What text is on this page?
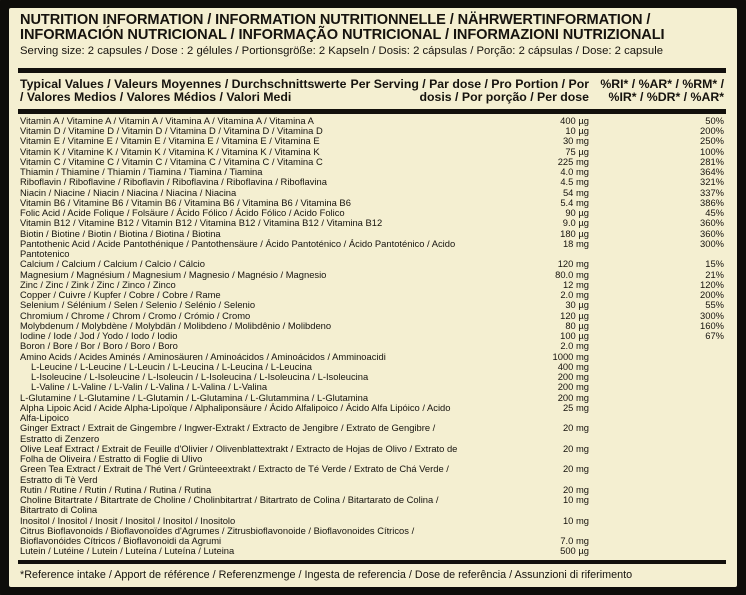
NUTRITION INFORMATION / INFORMATION NUTRITIONNELLE / NÄHRWERTINFORMATION / INFORMACIÓN NUTRICIONAL / INFORMAÇÃO NUTRICIONAL / INFORMAZIONI NUTRIZIONALI
Serving size: 2 capsules / Dose : 2 gélules / Portionsgröße: 2 Kapseln / Dosis: 2 cápsulas / Porção: 2 cápsulas / Dose: 2 capsule
Typical Values / Valeurs Moyennes / Durchschnittswerte / Valores Medios / Valores Médios / Valori Medi
Per Serving / Par dose / Pro Portion / Por dosis / Por porção / Per dose
%RI* / %AR* / %RM* / %IR* / %DR* / %AR*
Vitamin A / Vitamine A / Vitamin A / Vitamina A / Vitamina A / Vitamina A	400 µg	50%
Vitamin D / Vitamine D / Vitamin D / Vitamina D / Vitamina D / Vitamina D	10 µg	200%
Vitamin E / Vitamine E / Vitamin E / Vitamina E / Vitamina E / Vitamina E	30 mg	250%
Vitamin K / Vitamine K / Vitamin K / Vitamina K / Vitamina K / Vitamina K	75 µg	100%
Vitamin C / Vitamine C / Vitamin C / Vitamina C / Vitamina C / Vitamina C	225 mg	281%
Thiamin / Thiamine / Thiamin / Tiamina / Tiamina / Tiamina	4.0 mg	364%
Riboflavin / Riboflavine / Riboflavin / Riboflavina / Riboflavina / Riboflavina	4.5 mg	321%
Niacin / Niacine / Niacin / Niacina / Niacina / Niacina	54 mg	337%
Vitamin B6 / Vitamine B6 / Vitamin B6 / Vitamina B6 / Vitamina B6 / Vitamina B6	5.4 mg	386%
Folic Acid / Acide Folique / Folsäure / Ácido Fólico / Ácido Fólico / Acido Folico	90 µg	45%
Vitamin B12 / Vitamine B12 / Vitamin B12 / Vitamina B12 / Vitamina B12 / Vitamina B12	9.0 µg	360%
Biotin / Biotine / Biotin / Biotina / Biotina / Biotina	180 µg	360%
Pantothenic Acid / Acide Pantothénique / Pantothensäure / Ácido Pantoténico / Ácido Pantoténico / Acido Pantotenico
18 mg	300%
Calcium / Calcium / Calcium / Calcio / Cálcio	120 mg	15%
Magnesium / Magnésium / Magnesium / Magnesio / Magnésio / Magnesio	80.0 mg	21%
Zinc / Zinc / Zink / Zinc / Zinco / Zinco	12 mg	120%
Copper / Cuivre / Kupfer / Cobre / Cobre / Rame	2.0 mg	200%
Selenium / Sélénium / Selen / Selenio / Selénio / Selenio	30 µg	55%
Chromium / Chrome / Chrom / Cromo / Crómio / Cromo	120 µg	300%
Molybdenum / Molybdène / Molybdän / Molibdeno / Molibdênio / Molibdeno	80 µg	160%
Iodine / Iode / Jod / Yodo / Iodo / Iodio	100 µg	67%
Boron / Bore / Bor / Boro / Boro / Boro	2.0 mg
Amino Acids / Acides Aminés / Aminosäuren / Aminoácidos / Aminoácidos / Amminoacidi	1000 mg
L-Leucine / L-Leucine / L-Leucin / L-Leucina / L-Leucina / L-Leucina	400 mg
L-Isoleucine / L-Isoleucine / L-Isoleucin / L-Isoleucina / L-Isoleucina / L-Isoleucina	200 mg
L-Valine / L-Valine / L-Valin / L-Valina / L-Valina / L-Valina	200 mg
L-Glutamine / L-Glutamine / L-Glutamin / L-Glutamina / L-Glutammina / L-Glutamina	200 mg
Alpha Lipoic Acid / Acide Alpha-Lipoïque / Alphaliponsäure / Ácido Alfalipoico / Ácido Alfa Lipóico / Acido Alfa-Lipoico
25 mg
Ginger Extract / Extrait de Gingembre / Ingwer-Extrakt / Extracto de Jengibre / Extrato de Gengibre / Estratto di Zenzero
20 mg
Olive Leaf Extract / Extrait de Feuille d'Olivier / Olivenblattextrakt / Extracto de Hojas de Olivo / Extrato de Folha de Oliveira / Estratto di Foglie di Ulivo
20 mg
Green Tea Extract / Extrait de Thé Vert / Grünteeextrakt / Extracto de Té Verde / Extrato de Chá Verde / Estratto di Tè Verd
20 mg
Rutin / Rutine / Rutin / Rutina / Rutina / Rutina	20 mg
Choline Bitartrate / Bitartrate de Choline / Cholinbitartrat / Bitartrato de Colina / Bitartarato de Colina / Bitartrato di Colina
10 mg
Inositol / Inositol / Inosit / Inositol / Inositol / Inositolo	10 mg
Citrus Bioflavonoids / Bioflavonoïdes d'Agrumes / Zitrusbioflavonoide / Bioflavonoides Cítricos / Bioflavonóides Cítricos / Bioflavonoidi da Agrumi	7.0 mg
Lutein / Lutéine / Lutein / Luteína / Luteína / Luteina	500 µg
*Reference intake / Apport de référence / Referenzmenge / Ingesta de referencia / Dose de referência / Assunzioni di riferimento
